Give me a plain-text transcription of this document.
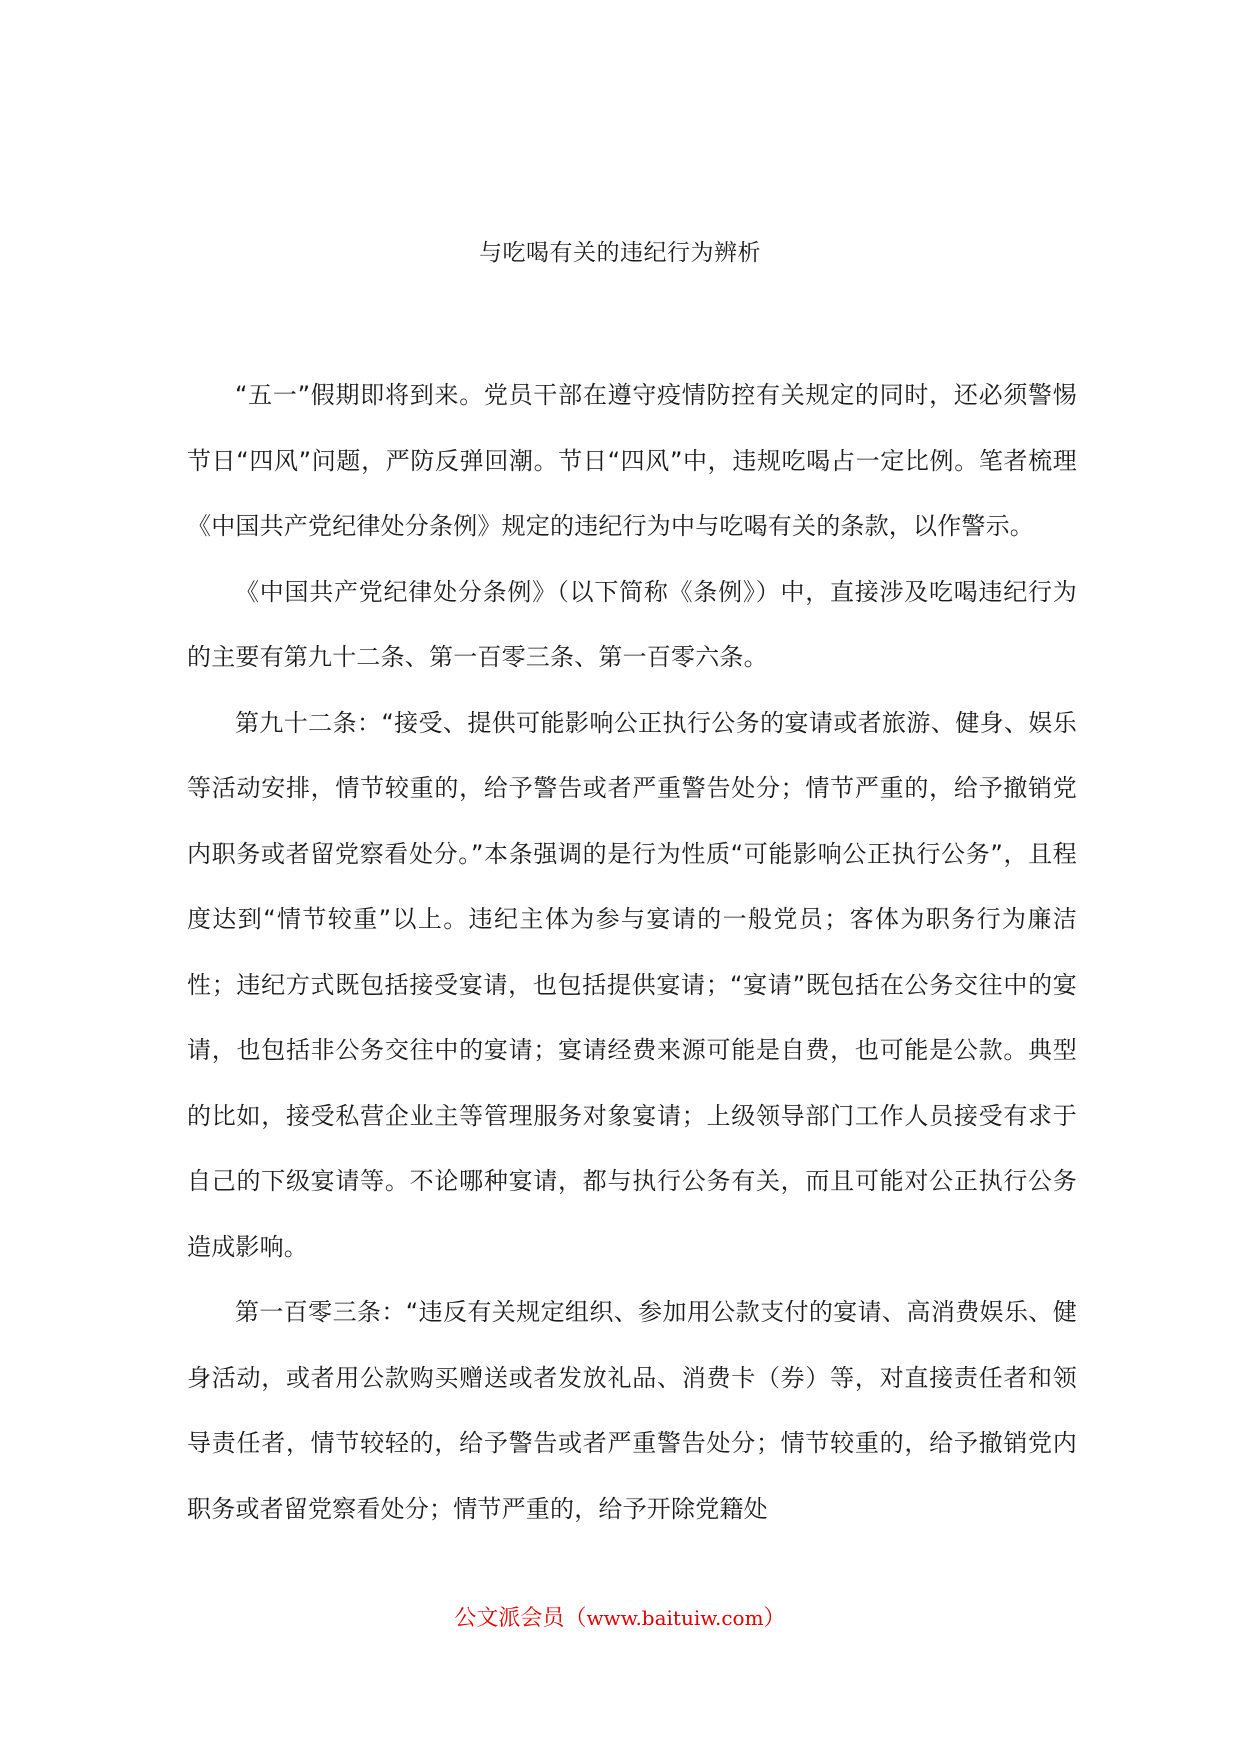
与吃喝有关的违纪行为辨析

“五一”假期即将到来。党员干部在遵守疫情防控有关规定的同时，还必须警惕节日“四风”问题，严防反弹回潮。节日“四风”中，违规吃喝占一定比例。笔者梳理《中国共产党纪律处分条例》规定的违纪行为中与吃喝有关的条款，以作警示。

《中国共产党纪律处分条例》（以下简称《条例》）中，直接涉及吃喝违纪行为的主要有第九十二条、第一百零三条、第一百零六条。

第九十二条：“接受、提供可能影响公正执行公务的宴请或者旅游、健身、娱乐等活动安排，情节较重的，给予警告或者严重警告处分；情节严重的，给予撤销党内职务或者留党察看处分。”本条强调的是行为性质“可能影响公正执行公务”，且程度达到“情节较重”以上。违纪主体为参与宴请的一般党员；客体为职务行为廉洁性；违纪方式既包括接受宴请，也包括提供宴请；“宴请”既包括在公务交往中的宴请，也包括非公务交往中的宴请；宴请经费来源可能是自费，也可能是公款。典型的比如，接受私营企业主等管理服务对象宴请；上级领导部门工作人员接受有求于自己的下级宴请等。不论哪种宴请，都与执行公务有关，而且可能对公正执行公务造成影响。

第一百零三条：“违反有关规定组织、参加用公款支付的宴请、高消费娱乐、健身活动，或者用公款购买赠送或者发放礼品、消费卡（券）等，对直接责任者和领导责任者，情节较轻的，给予警告或者严重警告处分；情节较重的，给予撤销党内职务或者留党察看处分；情节严重的，给予开除党籍处

公文派会员（www.baituiw.com）
